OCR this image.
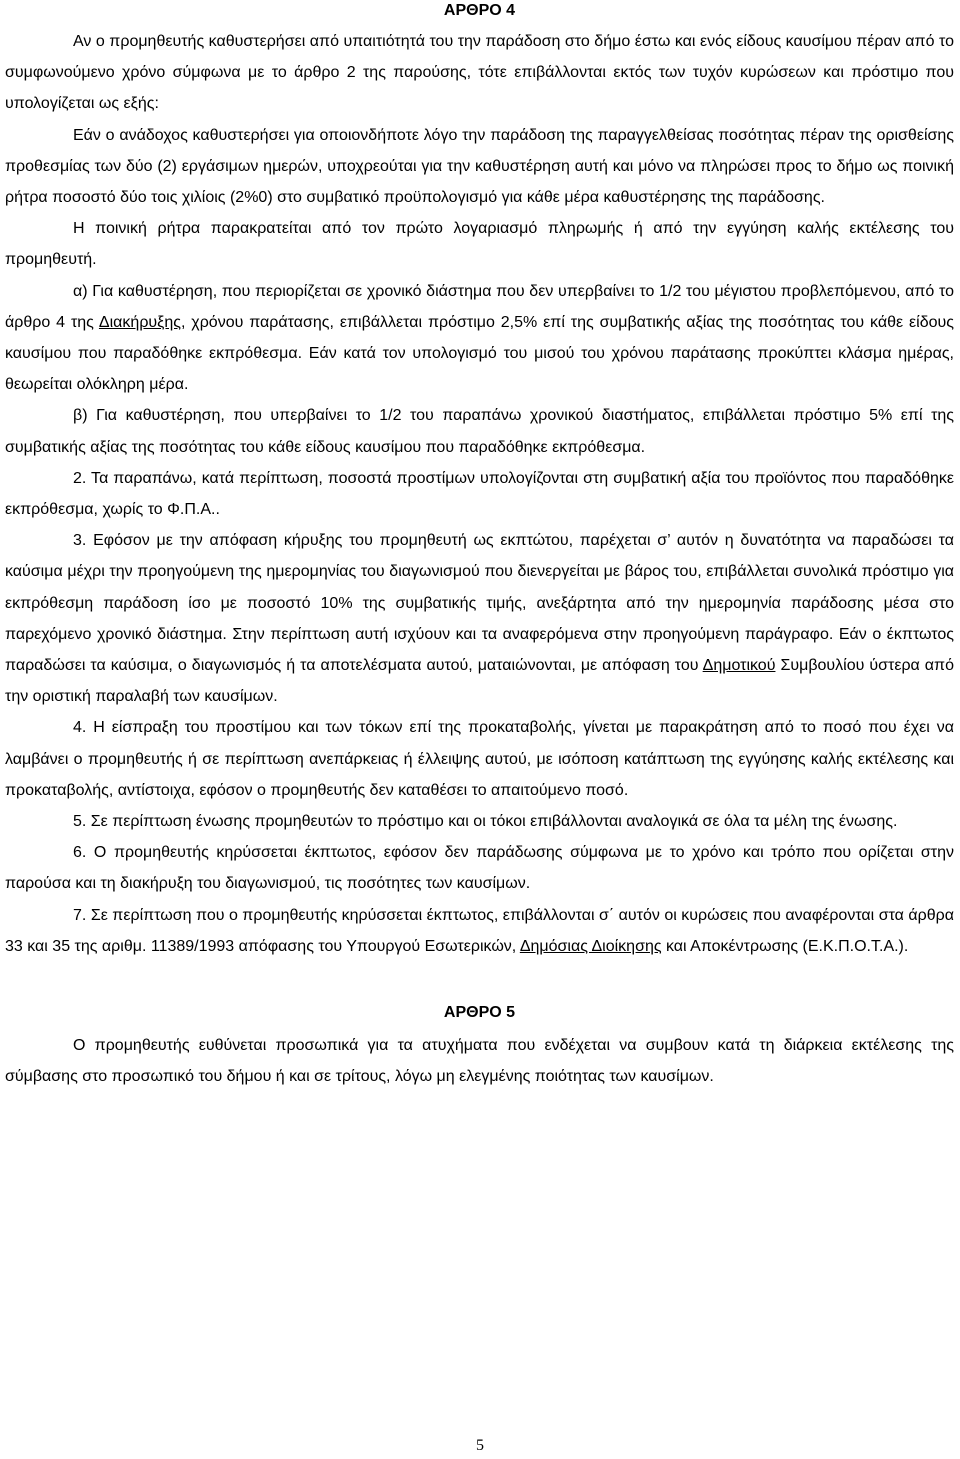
ΑΡΘΡΟ 4

Αν ο προμηθευτής καθυστερήσει από υπαιτιότητά του την παράδοση στο δήμο έστω και ενός είδους καυσίμου πέραν από το συμφωνούμενο χρόνο σύμφωνα με το άρθρο 2 της παρούσης, τότε επιβάλλονται εκτός των τυχόν κυρώσεων και πρόστιμο που υπολογίζεται ως εξής:

Εάν ο ανάδοχος καθυστερήσει για οποιονδήποτε λόγο την παράδοση της παραγγελθείσας ποσότητας πέραν της ορισθείσης προθεσμίας των δύο (2) εργάσιμων ημερών, υποχρεούται για την καθυστέρηση αυτή και μόνο να πληρώσει προς το δήμο ως ποινική ρήτρα ποσοστό δύο τοις χιλίοις (2%0) στο συμβατικό προϋπολογισμό για κάθε μέρα καθυστέρησης της παράδοσης.

Η ποινική ρήτρα παρακρατείται από τον πρώτο λογαριασμό πληρωμής ή από την εγγύηση καλής εκτέλεσης του προμηθευτή.

α) Για καθυστέρηση, που περιορίζεται σε χρονικό διάστημα που δεν υπερβαίνει το 1/2 του μέγιστου προβλεπόμενου, από το άρθρο 4 της Διακήρυξης, χρόνου παράτασης, επιβάλλεται πρόστιμο 2,5% επί της συμβατικής αξίας της ποσότητας του κάθε είδους καυσίμου που παραδόθηκε εκπρόθεσμα. Εάν κατά τον υπολογισμό του μισού του χρόνου παράτασης προκύπτει κλάσμα ημέρας, θεωρείται ολόκληρη μέρα.

β) Για καθυστέρηση, που υπερβαίνει το 1/2 του παραπάνω χρονικού διαστήματος, επιβάλλεται πρόστιμο 5% επί της συμβατικής αξίας της ποσότητας του κάθε είδους καυσίμου που παραδόθηκε εκπρόθεσμα.

2. Τα παραπάνω, κατά περίπτωση, ποσοστά προστίμων υπολογίζονται στη συμβατική αξία του προϊόντος που παραδόθηκε εκπρόθεσμα, χωρίς το Φ.Π.Α..

3. Εφόσον με την απόφαση κήρυξης του προμηθευτή ως εκπτώτου, παρέχεται σ’ αυτόν η δυνατότητα να παραδώσει τα καύσιμα μέχρι την προηγούμενη της ημερομηνίας του διαγωνισμού που διενεργείται με βάρος του, επιβάλλεται συνολικά πρόστιμο για εκπρόθεσμη παράδοση ίσο με ποσοστό 10% της συμβατικής τιμής, ανεξάρτητα από την ημερομηνία παράδοσης μέσα στο παρεχόμενο χρονικό διάστημα. Στην περίπτωση αυτή ισχύουν και τα αναφερόμενα στην προηγούμενη παράγραφο. Εάν ο έκπτωτος παραδώσει τα καύσιμα, ο διαγωνισμός ή τα αποτελέσματα αυτού, ματαιώνονται, με απόφαση του Δημοτικού Συμβουλίου ύστερα από την οριστική παραλαβή των καυσίμων.

4. Η είσπραξη του προστίμου και των τόκων επί της προκαταβολής, γίνεται με παρακράτηση από το ποσό που έχει να λαμβάνει ο προμηθευτής ή σε περίπτωση ανεπάρκειας ή έλλειψης αυτού, με ισόποση κατάπτωση της εγγύησης καλής εκτέλεσης και προκαταβολής, αντίστοιχα, εφόσον ο προμηθευτής δεν καταθέσει το απαιτούμενο ποσό.

5. Σε περίπτωση ένωσης προμηθευτών το πρόστιμο και οι τόκοι επιβάλλονται αναλογικά σε όλα τα μέλη της ένωσης.

6. Ο προμηθευτής κηρύσσεται έκπτωτος, εφόσον δεν παράδωσης σύμφωνα με το χρόνο και τρόπο που ορίζεται στην παρούσα και τη διακήρυξη του διαγωνισμού, τις ποσότητες των καυσίμων.

7. Σε περίπτωση που ο προμηθευτής κηρύσσεται έκπτωτος, επιβάλλονται σ΄ αυτόν οι κυρώσεις που αναφέρονται στα άρθρα 33 και 35 της αριθμ. 11389/1993 απόφασης του Υπουργού Εσωτερικών, Δημόσιας Διοίκησης και Αποκέντρωσης (Ε.Κ.Π.Ο.Τ.Α.).

ΑΡΘΡΟ 5

Ο προμηθευτής ευθύνεται προσωπικά για τα ατυχήματα που ενδέχεται να συμβουν κατά τη διάρκεια εκτέλεσης της σύμβασης στο προσωπικό του δήμου ή και σε τρίτους, λόγω μη ελεγμένης ποιότητας των καυσίμων.

5
